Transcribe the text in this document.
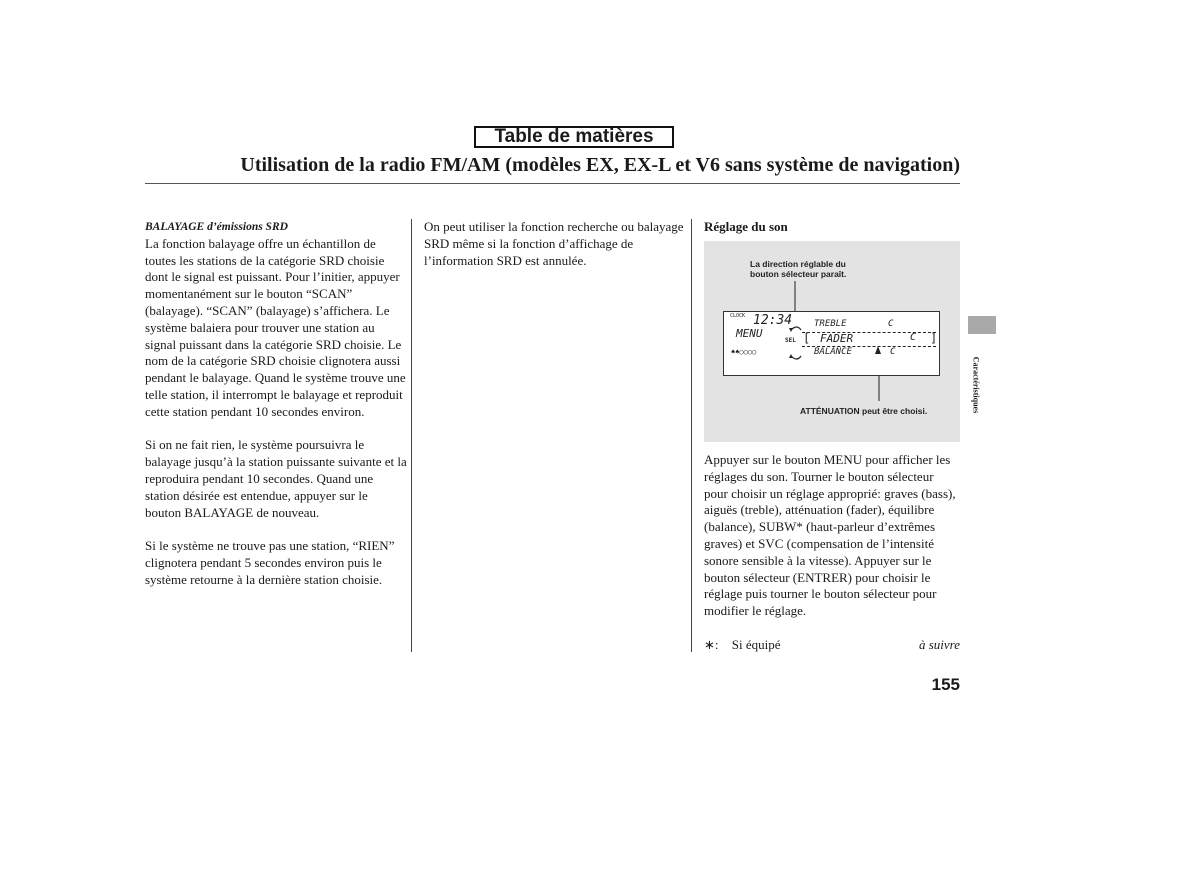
Table de matières
Utilisation de la radio FM/AM (modèles EX, EX-L et V6 sans système de navigation)
BALAYAGE d’émissions SRD

La fonction balayage offre un échantillon de toutes les stations de la catégorie SRD choisie dont le signal est puissant. Pour l’initier, appuyer momentanément sur le bouton “SCAN” (balayage). “SCAN” (balayage) s’affichera. Le système balaiera pour trouver une station au signal puissant dans la catégorie SRD choisie. Le nom de la catégorie SRD choisie clignotera aussi pendant le balayage. Quand le système trouve une telle station, il interrompt le balayage et reproduit cette station pendant 10 secondes environ.

Si on ne fait rien, le système poursuivra le balayage jusqu’à la station puissante suivante et la reproduira pendant 10 secondes. Quand une station désirée est entendue, appuyer sur le bouton BALAYAGE de nouveau.

Si le système ne trouve pas une station, “RIEN” clignotera pendant 5 secondes environ puis le système retourne à la dernière station choisie.

On peut utiliser la fonction recherche ou balayage SRD même si la fonction d’affichage de l’information SRD est annulée.

Réglage du son
La direction réglable du
bouton sélecteur paraît.
ATTÉNUATION peut être choisi.
CLOCK 12:34
MENU
♠♠○○○○
SEL
TREBLE	C
[	]
FADER	C
BALANCE	C

Appuyer sur le bouton MENU pour afficher les réglages du son. Tourner le bouton sélecteur pour choisir un réglage approprié: graves (bass), aiguës (treble), atténuation (fader), équilibre (balance), SUBW* (haut-parleur d’extrêmes graves) et SVC (compensation de l’intensité sonore sensible à la vitesse). Appuyer sur le bouton sélecteur (ENTRER) pour choisir le réglage puis tourner le bouton sélecteur pour modifier le réglage.

∗: Si équipé	à suivre
Caractéristiques
155
